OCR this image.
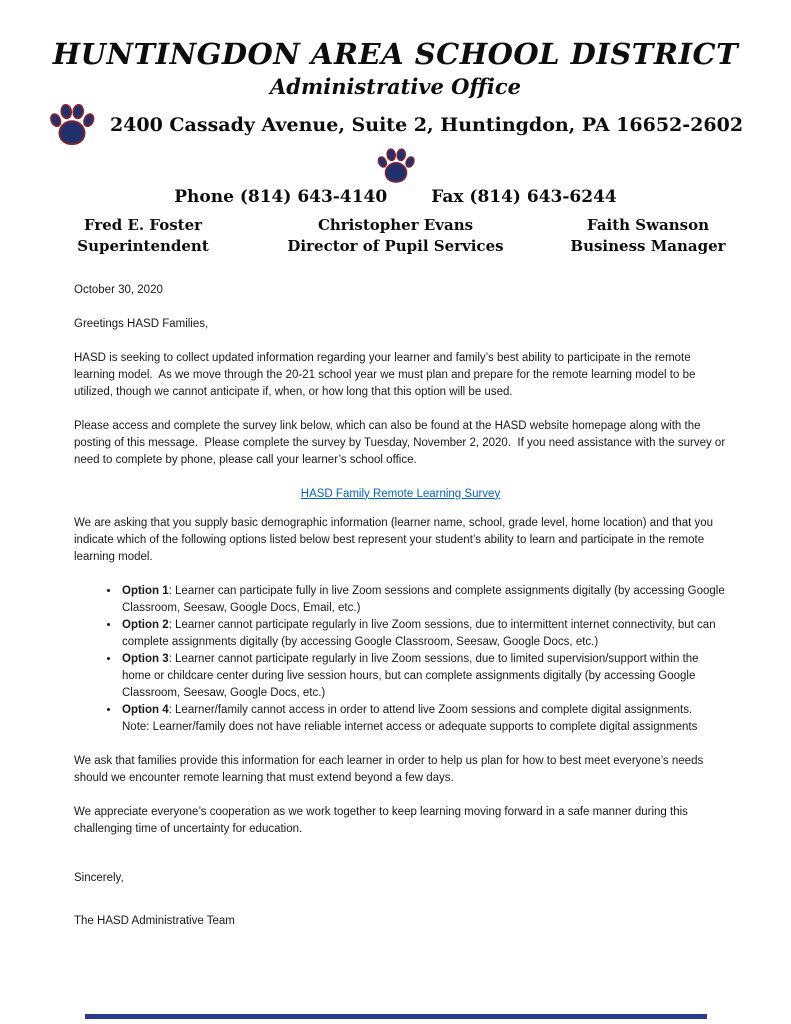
HUNTINGDON AREA SCHOOL DISTRICT
Administrative Office
2400 Cassady Avenue, Suite 2, Huntingdon, PA 16652-2602
Phone (814) 643-4140	Fax (814) 643-6244
Fred E. Foster
Superintendent
Christopher Evans
Director of Pupil Services
Faith Swanson
Business Manager

October 30, 2020

Greetings HASD Families,

HASD is seeking to collect updated information regarding your learner and family’s best ability to participate in the remote learning model.  As we move through the 20-21 school year we must plan and prepare for the remote learning model to be utilized, though we cannot anticipate if, when, or how long that this option will be used.

Please access and complete the survey link below, which can also be found at the HASD website homepage along with the posting of this message.  Please complete the survey by Tuesday, November 2, 2020.  If you need assistance with the survey or need to complete by phone, please call your learner’s school office.

HASD Family Remote Learning Survey

We are asking that you supply basic demographic information (learner name, school, grade level, home location) and that you indicate which of the following options listed below best represent your student’s ability to learn and participate in the remote learning model.

• Option 1: Learner can participate fully in live Zoom sessions and complete assignments digitally (by accessing Google Classroom, Seesaw, Google Docs, Email, etc.)
• Option 2: Learner cannot participate regularly in live Zoom sessions, due to intermittent internet connectivity, but can complete assignments digitally (by accessing Google Classroom, Seesaw, Google Docs, etc.)
• Option 3: Learner cannot participate regularly in live Zoom sessions, due to limited supervision/support within the home or childcare center during live session hours, but can complete assignments digitally (by accessing Google Classroom, Seesaw, Google Docs, etc.)
• Option 4: Learner/family cannot access in order to attend live Zoom sessions and complete digital assignments.
Note: Learner/family does not have reliable internet access or adequate supports to complete digital assignments

We ask that families provide this information for each learner in order to help us plan for how to best meet everyone’s needs should we encounter remote learning that must extend beyond a few days.

We appreciate everyone’s cooperation as we work together to keep learning moving forward in a safe manner during this challenging time of uncertainty for education.

Sincerely,

The HASD Administrative Team
